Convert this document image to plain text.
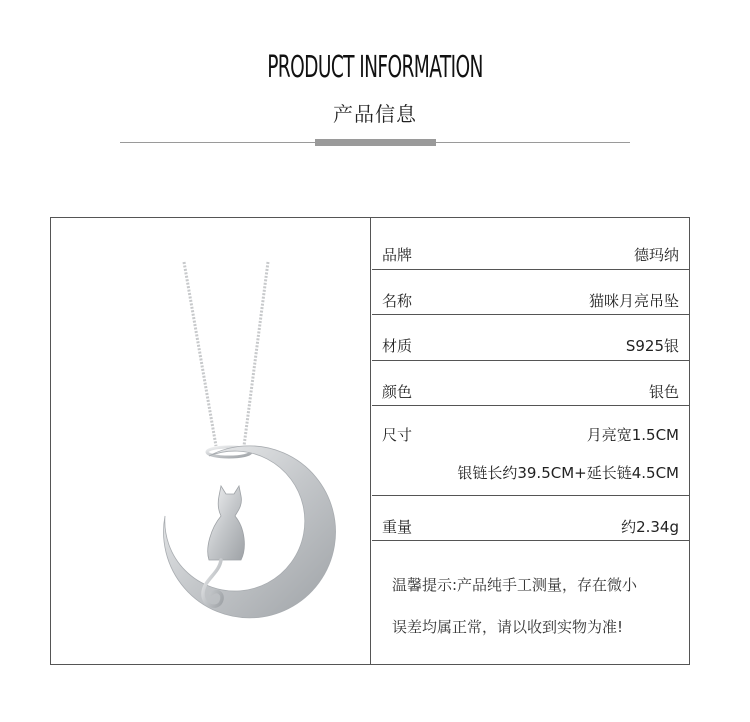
PRODUCT INFORMATION
产品信息
品牌	德玛纳
名称	猫咪月亮吊坠
材质	S925银
颜色	银色
尺寸	月亮宽1.5CM
银链长约39.5CM+延长链4.5CM
重量	约2.34g
温馨提示:产品纯手工测量，存在微小
误差均属正常，请以收到实物为准!
